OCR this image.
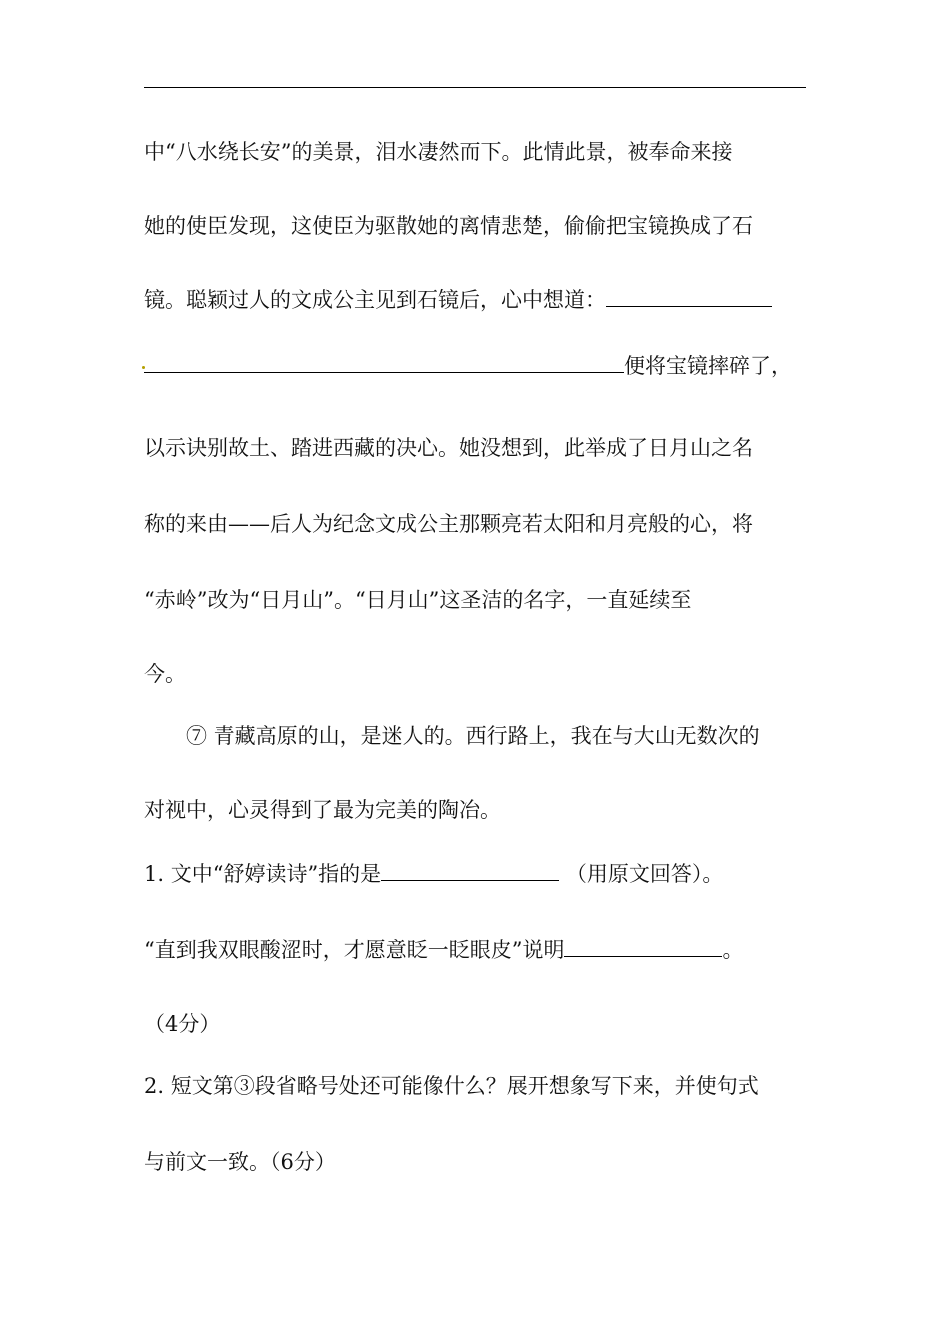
中“八水绕长安”的美景，泪水凄然而下。此情此景，被奉命来接
她的使臣发现，这使臣为驱散她的离情悲楚，偷偷把宝镜换成了石
镜。聪颖过人的文成公主见到石镜后，心中想道：
便将宝镜摔碎了，
以示诀别故土、踏进西藏的决心。她没想到，此举成了日月山之名
称的来由——后人为纪念文成公主那颗亮若太阳和月亮般的心，将
“赤岭”改为“日月山”。“日月山”这圣洁的名字，一直延续至
今。
⑦ 青藏高原的山，是迷人的。西行路上，我在与大山无数次的
对视中，心灵得到了最为完美的陶冶。
1. 文中“舒婷读诗”指的是	（用原文回答）。
“直到我双眼酸涩时，才愿意眨一眨眼皮”说明	。
（4分）
2. 短文第③段省略号处还可能像什么？展开想象写下来，并使句式
与前文一致。（6分）
